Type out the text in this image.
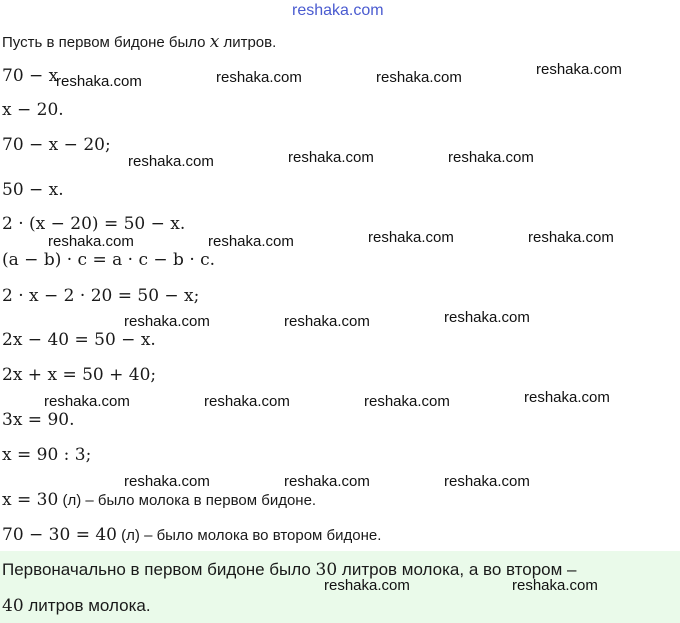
reshaka.com
Пусть в первом бидоне было x литров.
70 − x
x − 20.
70 − x − 20;
50 − x.
2 · (x − 20) = 50 − x.
(a − b) · c = a · c − b · c.
2 · x − 2 · 20 = 50 − x;
2x − 40 = 50 − x.
2x + x = 50 + 40;
3x = 90.
x = 90 : 3;
x = 30 (л) – было молока в первом бидоне.
70 − 30 = 40 (л) – было молока во втором бидоне.
Первоначально в первом бидоне было 30 литров молока, а во втором –
40 литров молока.
reshaka.com	reshaka.com	reshaka.com	reshaka.com
reshaka.com	reshaka.com	reshaka.com
reshaka.com	reshaka.com	reshaka.com	reshaka.com
reshaka.com	reshaka.com	reshaka.com
reshaka.com	reshaka.com	reshaka.com	reshaka.com
reshaka.com	reshaka.com	reshaka.com
reshaka.com	reshaka.com
